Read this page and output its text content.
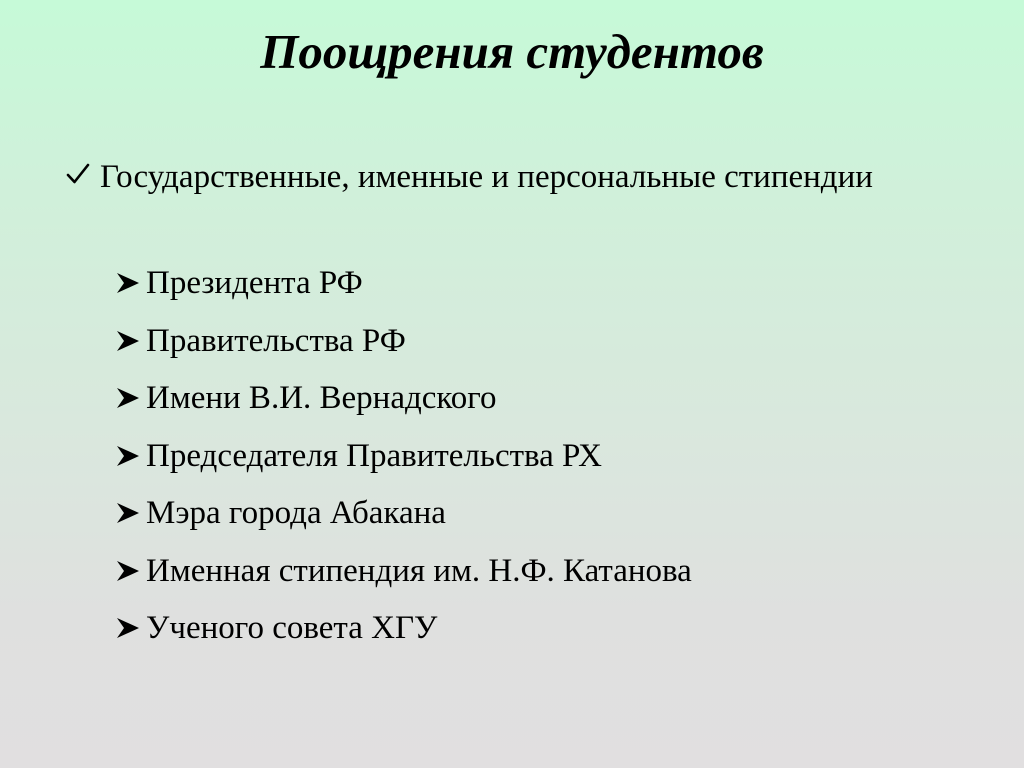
Поощрения студентов
Государственные, именные и персональные стипендии
Президента РФ
Правительства РФ
Имени В.И. Вернадского
Председателя Правительства РХ
Мэра города Абакана
Именная стипендия им. Н.Ф. Катанова
Ученого совета ХГУ
